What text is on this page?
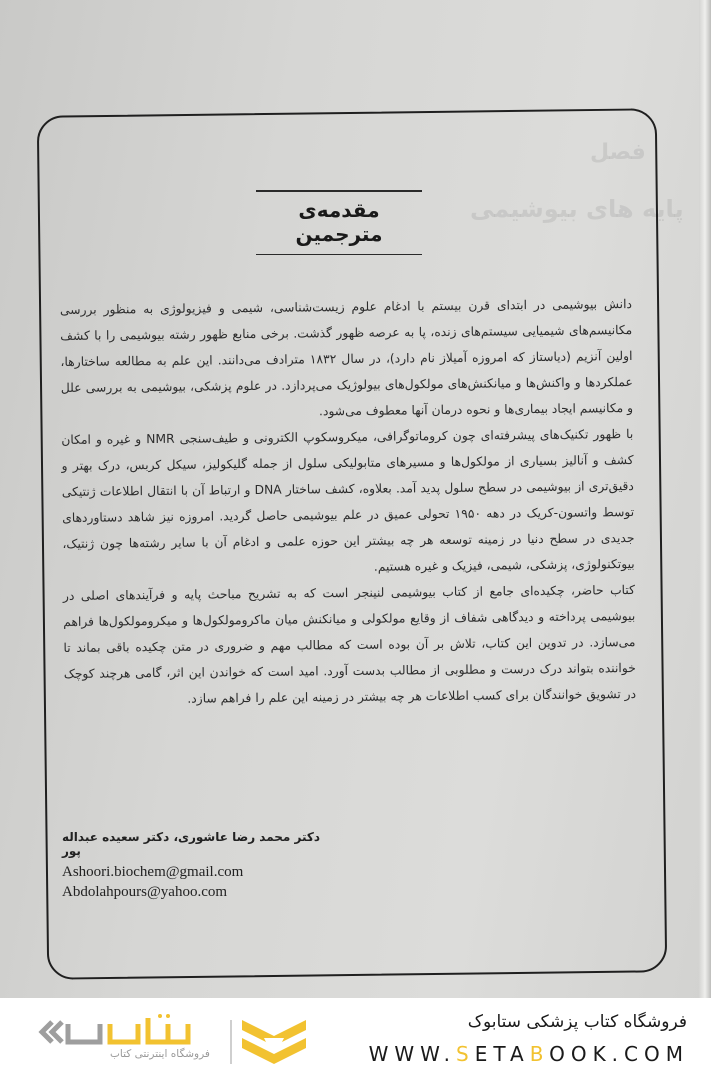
فصل
پایه های بیوشیمی
مقدمه‌ی مترجمین

دانش بیوشیمی در ابتدای قرن بیستم با ادغام علوم زیست‌شناسی، شیمی و فیزیولوژی به منظور بررسی مکانیسم‌های شیمیایی سیستم‌های زنده، پا به عرصه ظهور گذشت. برخی منابع ظهور رشته بیوشیمی را با کشف اولین آنزیم (دیاستاز که امروزه آمیلاز نام دارد)، در سال ۱۸۳۲ مترادف می‌دانند. این علم به مطالعه ساختارها، عملکردها و واکنش‌ها و میانکنش‌های مولکول‌های بیولوژیک می‌پردازد. در علوم پزشکی، بیوشیمی به بررسی علل و مکانیسم ایجاد بیماری‌ها و نحوه درمان آنها معطوف می‌شود.

با ظهور تکنیک‌های پیشرفته‌ای چون کروماتوگرافی، میکروسکوپ الکترونی و طیف‌سنجی NMR و غیره و امکان کشف و آنالیز بسیاری از مولکول‌ها و مسیرهای متابولیکی سلول از جمله گلیکولیز، سیکل کربس، درک بهتر و دقیق‌تری از بیوشیمی در سطح سلول پدید آمد. بعلاوه، کشف ساختار DNA و ارتباط آن با انتقال اطلاعات ژنتیکی توسط واتسون-کریک در دهه ۱۹۵۰ تحولی عمیق در علم بیوشیمی حاصل گردید. امروزه نیز شاهد دستاوردهای جدیدی در سطح دنیا در زمینه توسعه هر چه بیشتر این حوزه علمی و ادغام آن با سایر رشته‌ها چون ژنتیک، بیوتکنولوژی، پزشکی، شیمی، فیزیک و غیره هستیم.

کتاب حاضر، چکیده‌ای جامع از کتاب بیوشیمی لنینجر است که به تشریح مباحث پایه و فرآیندهای اصلی در بیوشیمی پرداخته و دیدگاهی شفاف از وقایع مولکولی و میانکنش میان ماکرومولکول‌ها و میکرومولکول‌ها فراهم می‌سازد. در تدوین این کتاب، تلاش بر آن بوده است که مطالب مهم و ضروری در متن چکیده باقی بماند تا خواننده بتواند درک درست و مطلوبی از مطالب بدست آورد. امید است که خواندن این اثر، گامی هرچند کوچک در تشویق خوانندگان برای کسب اطلاعات هر چه بیشتر در زمینه این علم را فراهم سازد.

دکتر محمد رضا عاشوری، دکتر سعیده عبداله پور
Ashoori.biochem@gmail.com
Abdolahpours@yahoo.com
فروشگاه اینترنتی کتاب
فروشگاه کتاب پزشکی ستابوک
WWW.SETABOOK.COM
